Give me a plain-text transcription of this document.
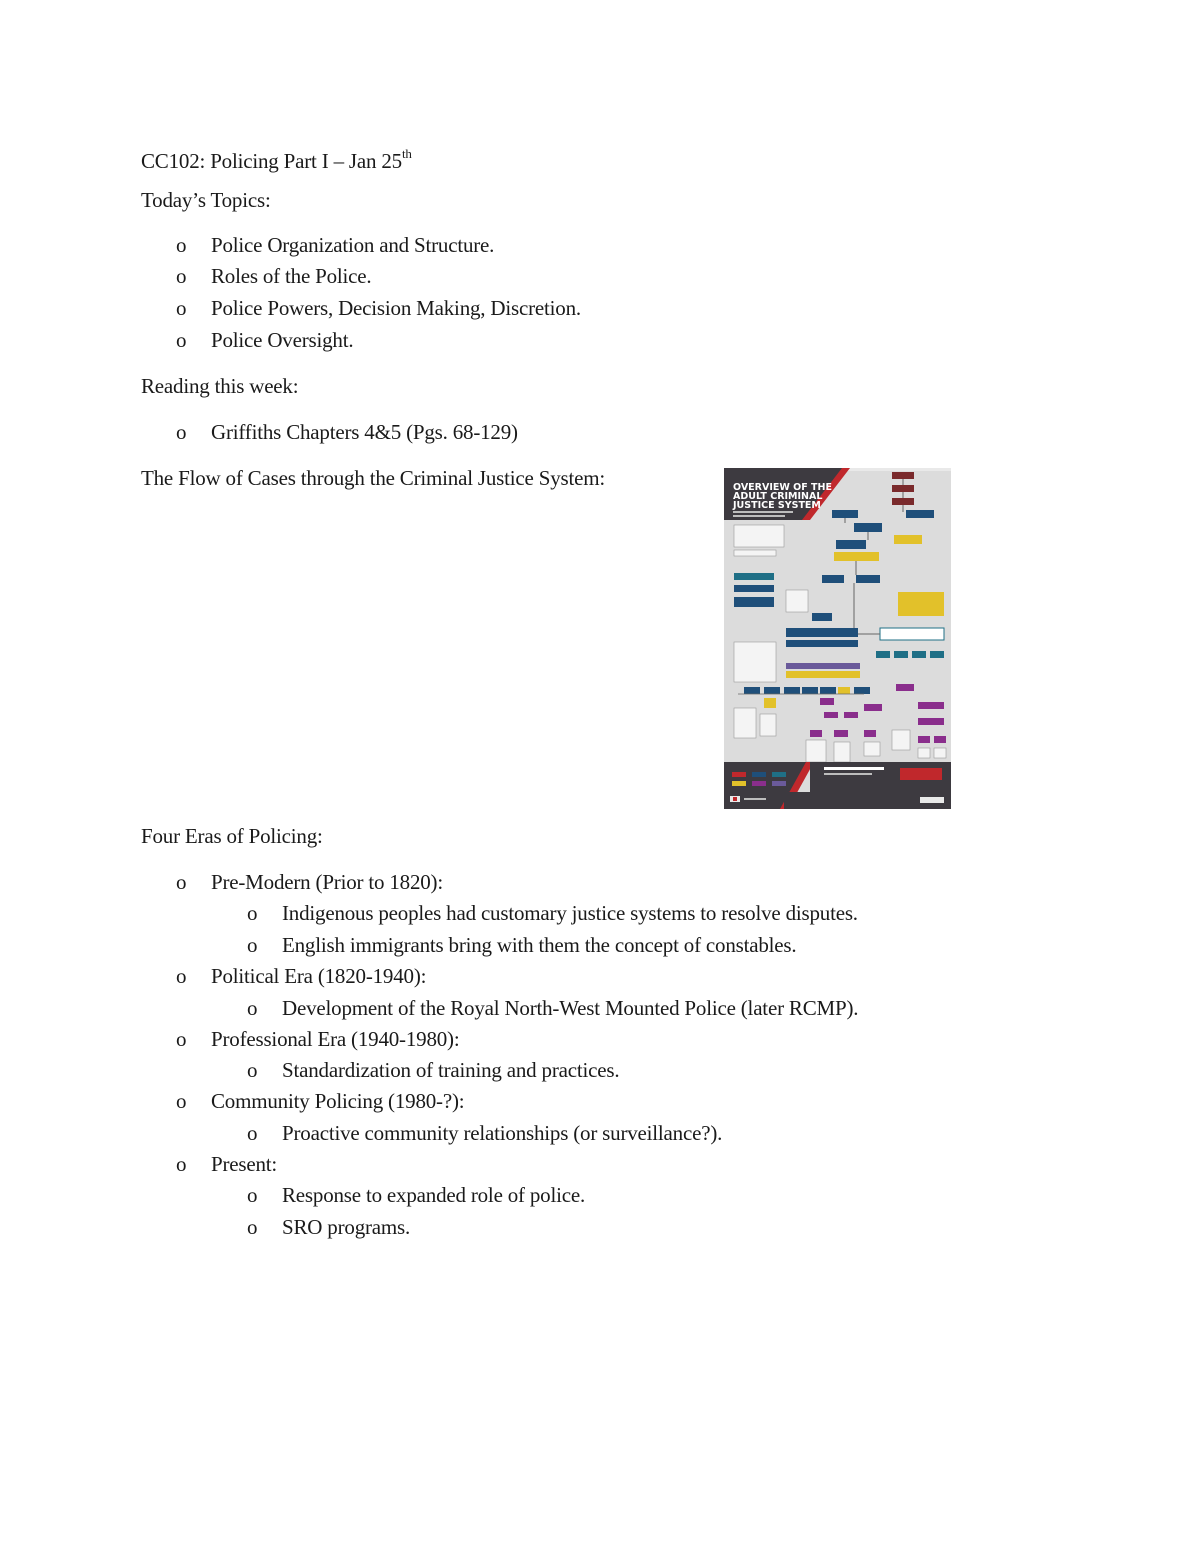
CC102: Policing Part I – Jan 25th
Today’s Topics:
o Police Organization and Structure.
o Roles of the Police.
o Police Powers, Decision Making, Discretion.
o Police Oversight.
Reading this week:
o Griffiths Chapters 4&5 (Pgs. 68-129)
The Flow of Cases through the Criminal Justice System:	OVERVIEW OF THE
ADULT CRIMINAL
JUSTICE SYSTEM
Four Eras of Policing:
o Pre-Modern (Prior to 1820):
o Indigenous peoples had customary justice systems to resolve disputes.
o English immigrants bring with them the concept of constables.
o Political Era (1820-1940):
o Development of the Royal North-West Mounted Police (later RCMP).
o Professional Era (1940-1980):
o Standardization of training and practices.
o Community Policing (1980-?):
o Proactive community relationships (or surveillance?).
o Present:
o Response to expanded role of police.
o SRO programs.
